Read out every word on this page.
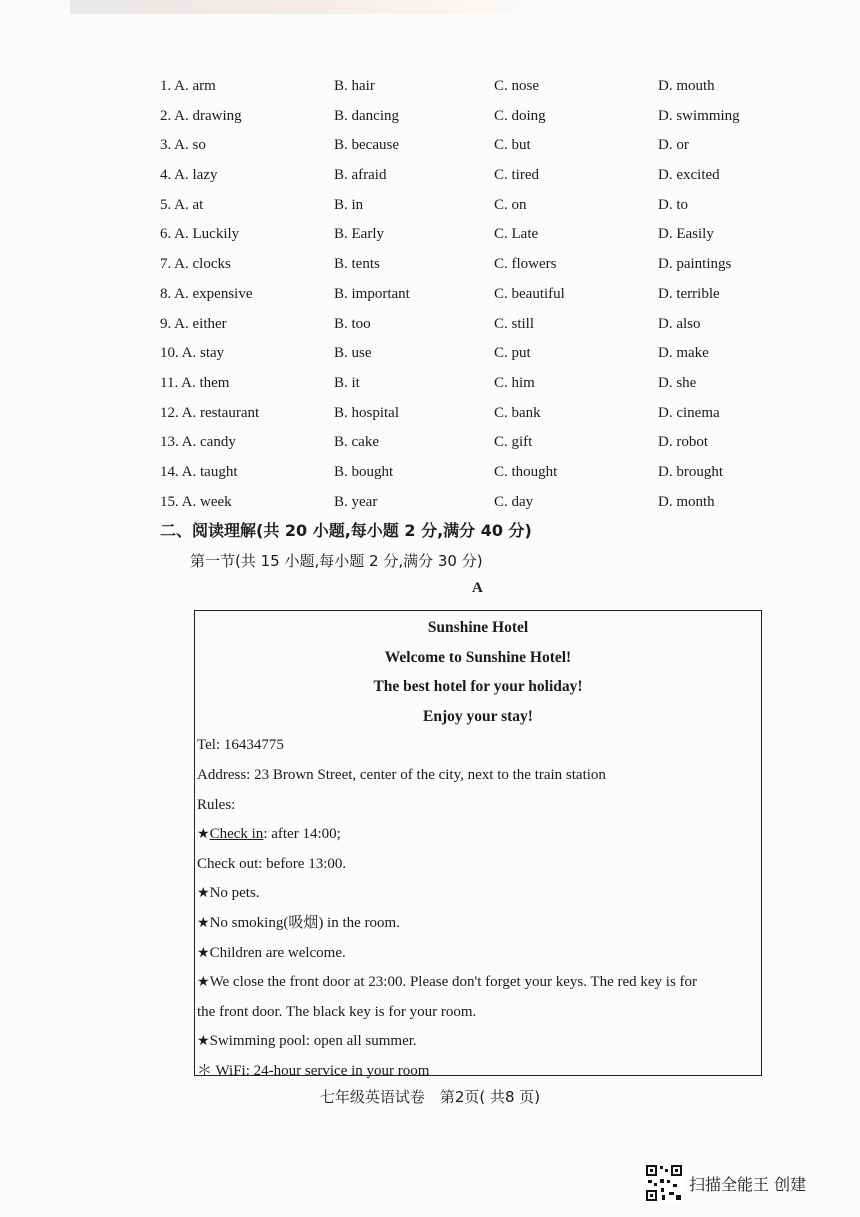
1. A. arm	B. hair	C. nose	D. mouth
2. A. drawing	B. dancing	C. doing	D. swimming
3. A. so	B. because	C. but	D. or
4. A. lazy	B. afraid	C. tired	D. excited
5. A. at	B. in	C. on	D. to
6. A. Luckily	B. Early	C. Late	D. Easily
7. A. clocks	B. tents	C. flowers	D. paintings
8. A. expensive	B. important	C. beautiful	D. terrible
9. A. either	B. too	C. still	D. also
10. A. stay	B. use	C. put	D. make
11. A. them	B. it	C. him	D. she
12. A. restaurant	B. hospital	C. bank	D. cinema
13. A. candy	B. cake	C. gift	D. robot
14. A. taught	B. bought	C. thought	D. brought
15. A. week	B. year	C. day	D. month
二、阅读理解(共 20 小题,每小题 2 分,满分 40 分)
第一节(共 15 小题,每小题 2 分,满分 30 分)
A
Sunshine Hotel
Welcome to Sunshine Hotel!
The best hotel for your holiday!
Enjoy your stay!
Tel: 16434775
Address: 23 Brown Street, center of the city, next to the train station
Rules:
★Check in: after 14:00;
Check out: before 13:00.
★No pets.
★No smoking(吸烟) in the room.
★Children are welcome.
★We close the front door at 23:00. Please don't forget your keys. The red key is for
the front door. The black key is for your room.
★Swimming pool: open all summer.
＊ WiFi: 24-hour service in your room
七年级英语试卷　第2页( 共8 页)
扫描全能王 创建
